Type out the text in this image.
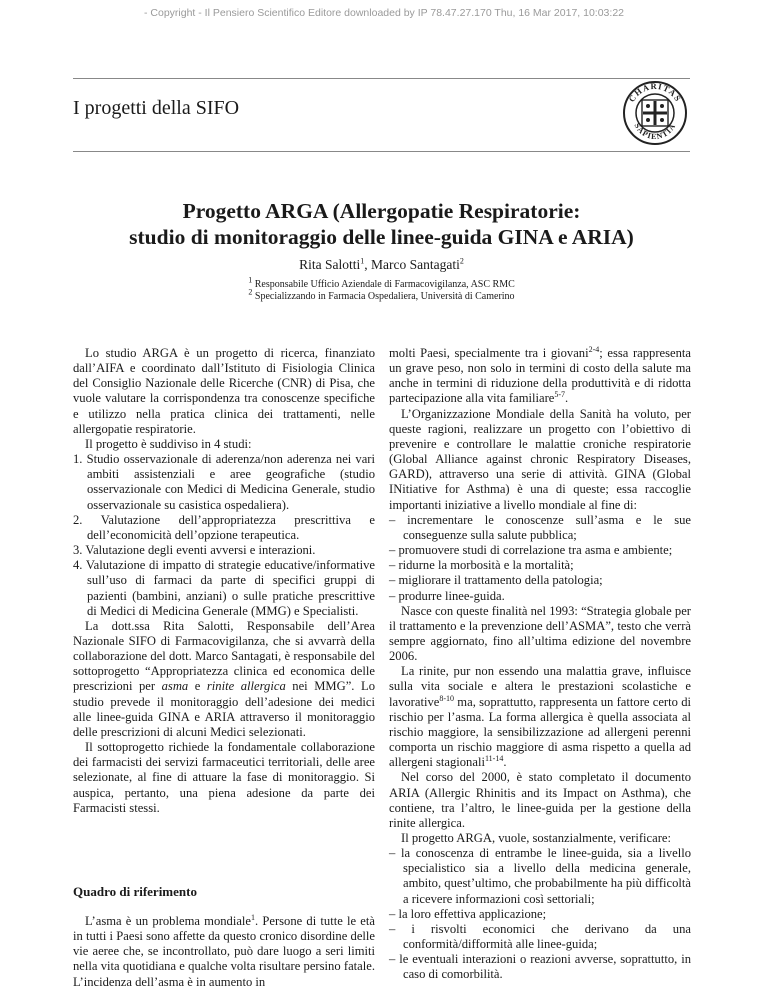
- Copyright - Il Pensiero Scientifico Editore downloaded by IP 78.47.27.170 Thu, 16 Mar 2017, 10:03:22
I progetti della SIFO	CHARITAS
SAPIENTIA
Progetto ARGA (Allergopatie Respiratorie:
studio di monitoraggio delle linee-guida GINA e ARIA)
Rita Salotti$^1$, Marco Santagati$^2$
$^1$ Responsabile Ufficio Aziendale di Farmacovigilanza, ASC RMC
$^2$ Specializzando in Farmacia Ospedaliera, Università di Camerino

Lo studio ARGA è un progetto di ricerca, finanziato dall’AIFA e coordinato dall’Istituto di Fisiologia Clinica del Consiglio Nazionale delle Ricerche (CNR) di Pisa, che vuole valutare la corrispondenza tra conoscenze specifiche e utilizzo nella pratica clinica dei trattamenti, nelle allergopatie respiratorie.

Il progetto è suddiviso in 4 studi:

1. Studio osservazionale di aderenza/non aderenza nei vari ambiti assistenziali e aree geografiche (studio osservazionale con Medici di Medicina Generale, studio osservazionale su casistica ospedaliera).
2. Valutazione dell’appropriatezza prescrittiva e dell’economicità dell’opzione terapeutica.
3. Valutazione degli eventi avversi e interazioni.
4. Valutazione di impatto di strategie educative/informative sull’uso di farmaci da parte di specifici gruppi di pazienti (bambini, anziani) o sulle pratiche prescrittive di Medici di Medicina Generale (MMG) e Specialisti.

La dott.ssa Rita Salotti, Responsabile dell’Area Nazionale SIFO di Farmacovigilanza, che si avvarrà della collaborazione del dott. Marco Santagati, è responsabile del sottoprogetto “Appropriatezza clinica ed economica delle prescrizioni per asma e rinite allergica nei MMG”. Lo studio prevede il monitoraggio dell’adesione dei medici alle linee-guida GINA e ARIA attraverso il monitoraggio delle prescrizioni di alcuni Medici selezionati.

Il sottoprogetto richiede la fondamentale collaborazione dei farmacisti dei servizi farmaceutici territoriali, delle aree selezionate, al fine di attuare la fase di monitoraggio. Si auspica, pertanto, una piena adesione da parte dei Farmacisti stessi.

Quadro di riferimento

L’asma è un problema mondiale$^1$. Persone di tutte le età in tutti i Paesi sono affette da questo cronico disordine delle vie aeree che, se incontrollato, può dare luogo a seri limiti nella vita quotidiana e qualche volta risultare persino fatale. L’incidenza dell’asma è in aumento in

molti Paesi, specialmente tra i giovani$^{2-4}$; essa rappresenta un grave peso, non solo in termini di costo della salute ma anche in termini di riduzione della produttività e di ridotta partecipazione alla vita familiare$^{5-7}$.

L’Organizzazione Mondiale della Sanità ha voluto, per queste ragioni, realizzare un progetto con l’obiettivo di prevenire e controllare le malattie croniche respiratorie (Global Alliance against chronic Respiratory Diseases, GARD), attraverso una serie di attività. GINA (Global INitiative for Asthma) è una di queste; essa raccoglie importanti iniziative a livello mondiale al fine di:

– incrementare le conoscenze sull’asma e le sue conseguenze sulla salute pubblica;
– promuovere studi di correlazione tra asma e ambiente;
– ridurne la morbosità e la mortalità;
– migliorare il trattamento della patologia;
– produrre linee-guida.

Nasce con queste finalità nel 1993: “Strategia globale per il trattamento e la prevenzione dell’ASMA”, testo che verrà sempre aggiornato, fino all’ultima edizione del novembre 2006.

La rinite, pur non essendo una malattia grave, influisce sulla vita sociale e altera le prestazioni scolastiche e lavorative$^{8-10}$ ma, soprattutto, rappresenta un fattore certo di rischio per l’asma. La forma allergica è quella associata al rischio maggiore, la sensibilizzazione ad allergeni perenni comporta un rischio maggiore di asma rispetto a quella ad allergeni stagionali$^{11-14}$.

Nel corso del 2000, è stato completato il documento ARIA (Allergic Rhinitis and its Impact on Asthma), che contiene, tra l’altro, le linee-guida per la gestione della rinite allergica.

Il progetto ARGA, vuole, sostanzialmente, verificare:

– la conoscenza di entrambe le linee-guida, sia a livello specialistico sia a livello della medicina generale, ambito, quest’ultimo, che probabilmente ha più difficoltà a ricevere informazioni così settoriali;
– la loro effettiva applicazione;
– i risvolti economici che derivano da una conformità/difformità alle linee-guida;
– le eventuali interazioni o reazioni avverse, soprattutto, in caso di comorbilità.
